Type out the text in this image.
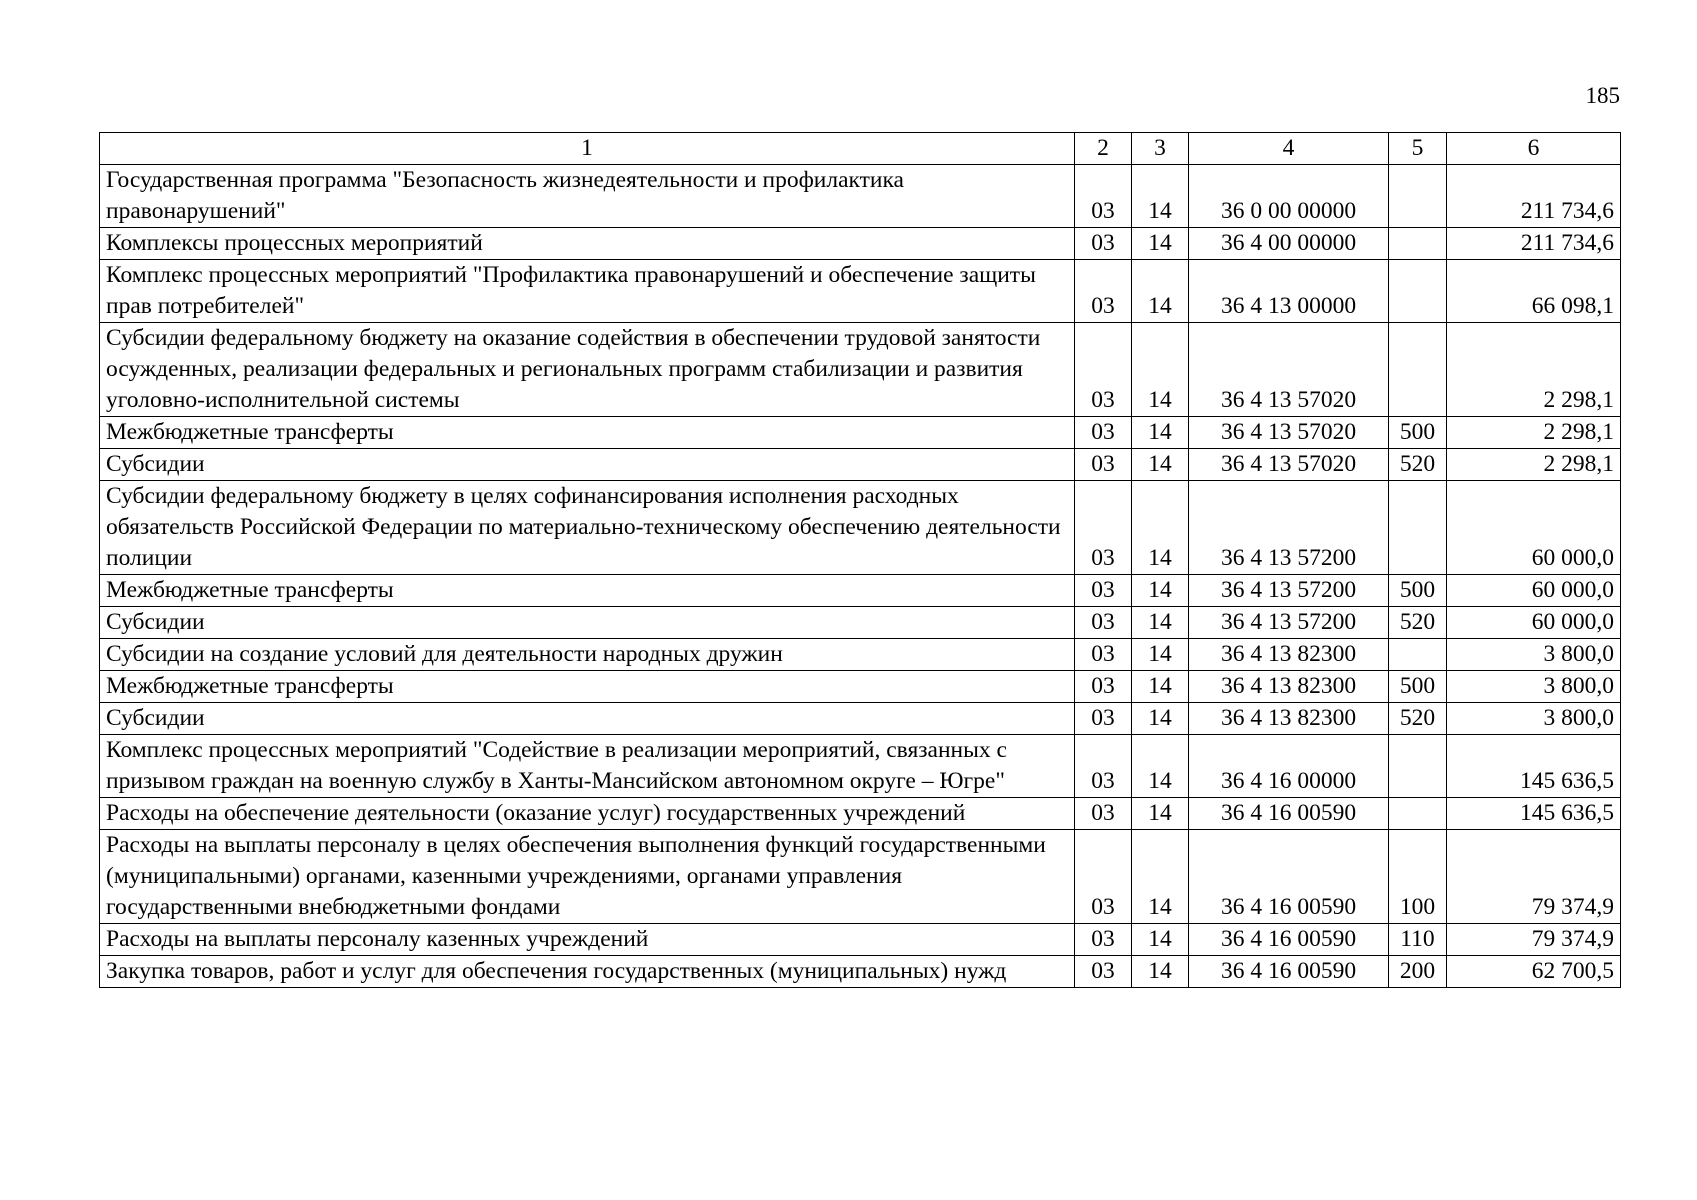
185
1	2	3	4	5	6
Государственная программа "Безопасность жизнедеятельности и профилактика правонарушений"	03	14	36 0 00 00000		211 734,6
Комплексы процессных мероприятий	03	14	36 4 00 00000		211 734,6
Комплекс процессных мероприятий "Профилактика правонарушений и обеспечение защиты прав потребителей"	03	14	36 4 13 00000		66 098,1
Субсидии федеральному бюджету на оказание содействия в обеспечении трудовой занятости осужденных, реализации федеральных и региональных программ стабилизации и развития уголовно-исполнительной системы	03	14	36 4 13 57020		2 298,1
Межбюджетные трансферты	03	14	36 4 13 57020	500	2 298,1
Субсидии	03	14	36 4 13 57020	520	2 298,1
Субсидии федеральному бюджету в целях софинансирования исполнения расходных обязательств Российской Федерации по материально-техническому обеспечению деятельности полиции	03	14	36 4 13 57200		60 000,0
Межбюджетные трансферты	03	14	36 4 13 57200	500	60 000,0
Субсидии	03	14	36 4 13 57200	520	60 000,0
Субсидии на создание условий для деятельности народных дружин	03	14	36 4 13 82300		3 800,0
Межбюджетные трансферты	03	14	36 4 13 82300	500	3 800,0
Субсидии	03	14	36 4 13 82300	520	3 800,0
Комплекс процессных мероприятий "Содействие в реализации мероприятий, связанных с призывом граждан на военную службу в Ханты-Мансийском автономном округе – Югре"	03	14	36 4 16 00000		145 636,5
Расходы на обеспечение деятельности (оказание услуг) государственных учреждений	03	14	36 4 16 00590		145 636,5
Расходы на выплаты персоналу в целях обеспечения выполнения функций государственными (муниципальными) органами, казенными учреждениями, органами управления государственными внебюджетными фондами	03	14	36 4 16 00590	100	79 374,9
Расходы на выплаты персоналу казенных учреждений	03	14	36 4 16 00590	110	79 374,9
Закупка товаров, работ и услуг для обеспечения государственных (муниципальных) нужд	03	14	36 4 16 00590	200	62 700,5
